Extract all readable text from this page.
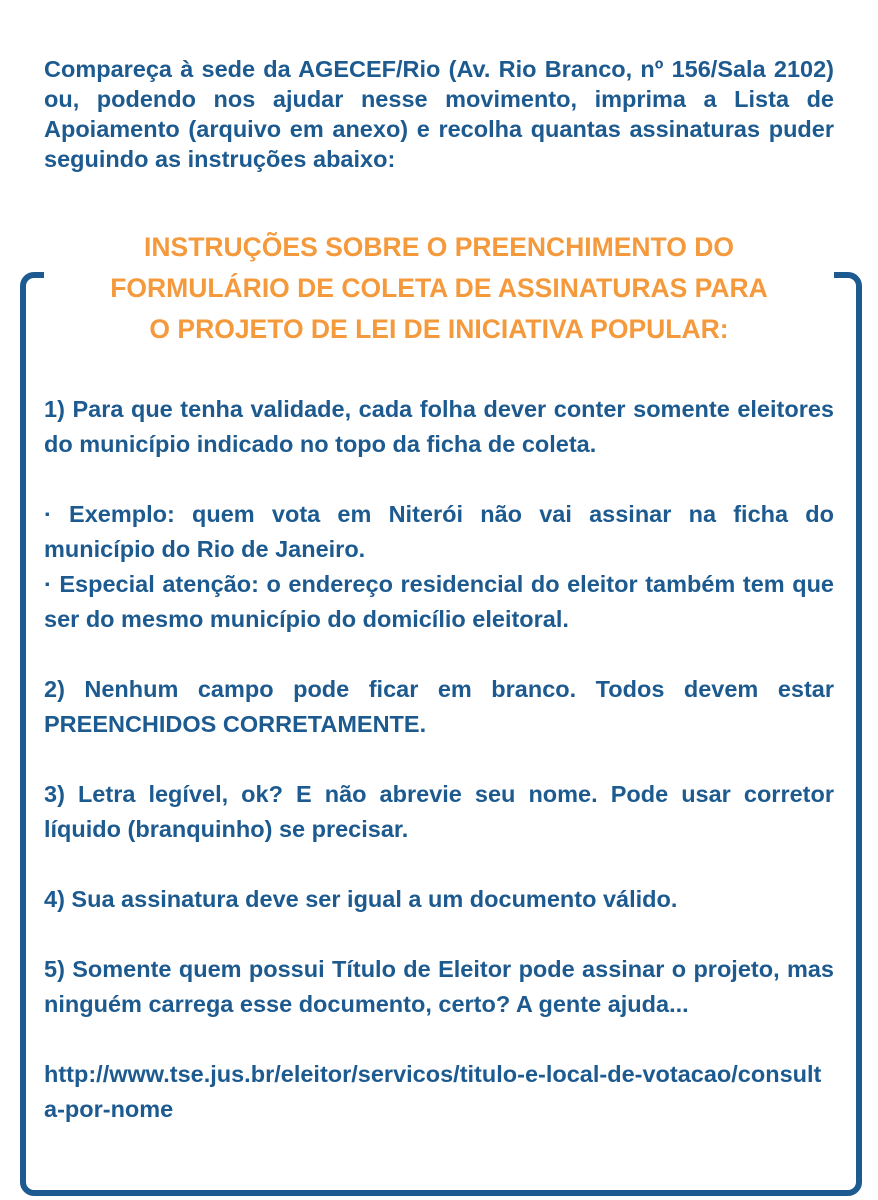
Compareça à sede da AGECEF/Rio (Av. Rio Branco, nº 156/Sala 2102) ou, podendo nos ajudar nesse movimento, imprima a Lista de Apoiamento (arquivo em anexo) e recolha quantas assinaturas puder seguindo as instruções abaixo:

INSTRUÇÕES SOBRE O PREENCHIMENTO DO
FORMULÁRIO DE COLETA DE ASSINATURAS PARA
O PROJETO DE LEI DE INICIATIVA POPULAR:

1) Para que tenha validade, cada folha dever conter somente eleitores do município indicado no topo da ficha de coleta.

· Exemplo: quem vota em Niterói não vai assinar na ficha do município do Rio de Janeiro.

· Especial atenção: o endereço residencial do eleitor também tem que ser do mesmo município do domicílio eleitoral.

2) Nenhum campo pode ficar em branco. Todos devem estar PREENCHIDOS CORRETAMENTE.

3) Letra legível, ok? E não abrevie seu nome. Pode usar corretor líquido (branquinho) se precisar.

4) Sua assinatura deve ser igual a um documento válido.

5) Somente quem possui Título de Eleitor pode assinar o projeto, mas ninguém carrega esse documento, certo? A gente ajuda...

http://www.tse.jus.br/eleitor/servicos/titulo-e-local-de-votacao/consulta-por-nome
